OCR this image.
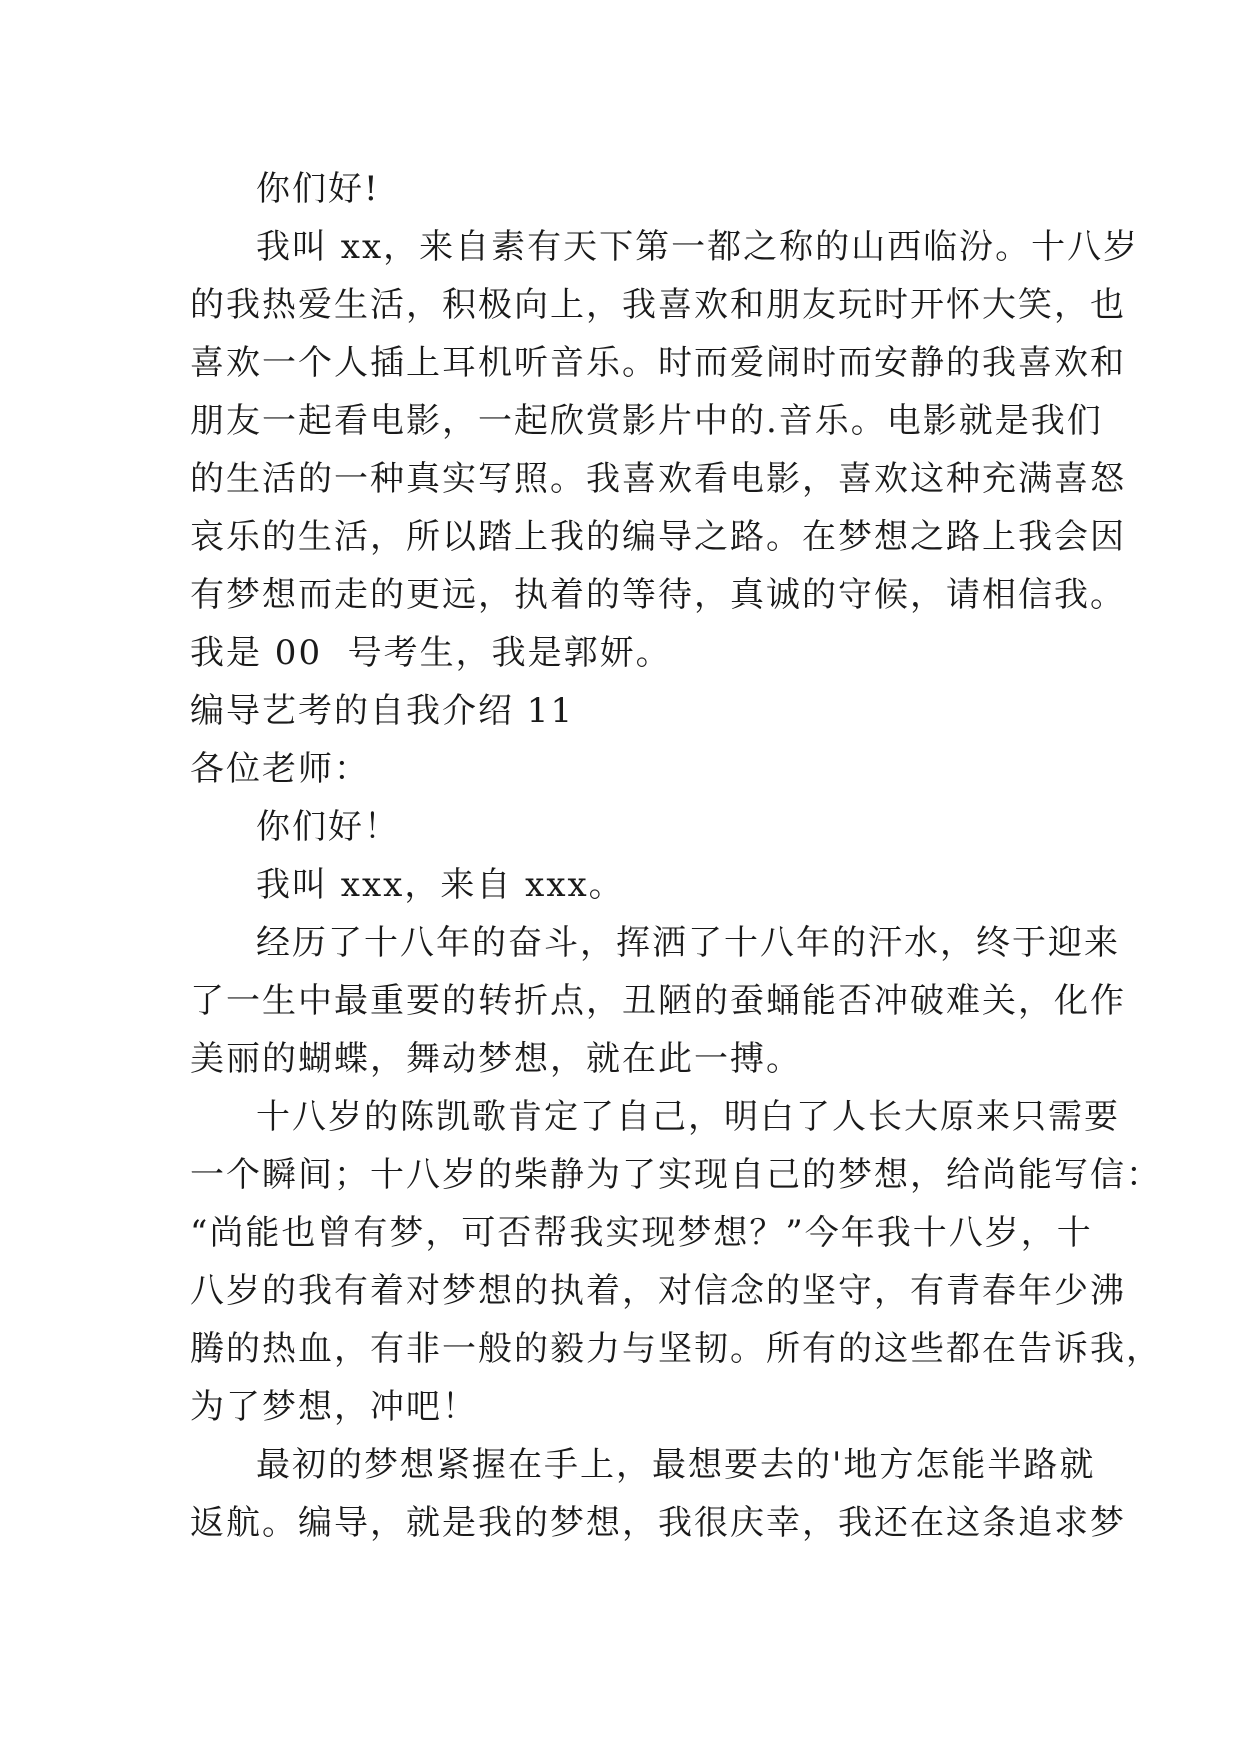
你们好!
我叫 xx，来自素有天下第一都之称的山西临汾。十八岁
的我热爱生活，积极向上，我喜欢和朋友玩时开怀大笑，也
喜欢一个人插上耳机听音乐。时而爱闹时而安静的我喜欢和
朋友一起看电影，一起欣赏影片中的.音乐。电影就是我们
的生活的一种真实写照。我喜欢看电影，喜欢这种充满喜怒
哀乐的生活，所以踏上我的编导之路。在梦想之路上我会因
有梦想而走的更远，执着的等待，真诚的守候，请相信我。
我是 00  号考生，我是郭妍。
编导艺考的自我介绍 11
各位老师：
你们好！
我叫 xxx，来自 xxx。
经历了十八年的奋斗，挥洒了十八年的汗水，终于迎来
了一生中最重要的转折点，丑陋的蚕蛹能否冲破难关，化作
美丽的蝴蝶，舞动梦想，就在此一搏。
十八岁的陈凯歌肯定了自己，明白了人长大原来只需要
一个瞬间；十八岁的柴静为了实现自己的梦想，给尚能写信：
“尚能也曾有梦，可否帮我实现梦想？”今年我十八岁，十
八岁的我有着对梦想的执着，对信念的坚守，有青春年少沸
腾的热血，有非一般的毅力与坚韧。所有的这些都在告诉我，
为了梦想，冲吧！
最初的梦想紧握在手上，最想要去的'地方怎能半路就
返航。编导，就是我的梦想，我很庆幸，我还在这条追求梦
